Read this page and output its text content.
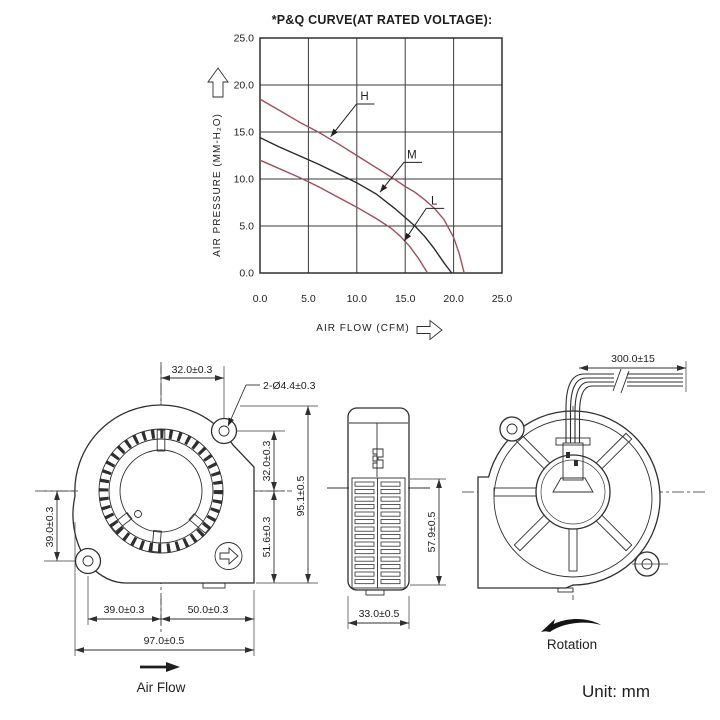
*P&Q CURVE(AT RATED VOLTAGE):
AIR PRESSURE (MM-H₂O)
AIR FLOW (CFM)
0.0	5.0	10.0	15.0	20.0	25.0
0.0
5.0
10.0
15.0
20.0
25.0
H
M
L
32.0±0.3
2-Ø4.4±0.3
32.0±0.3
51.6±0.3
95.1±0.5
39.0±0.3
39.0±0.3	50.0±0.3
97.0±0.5
Air Flow
57.9±0.5
33.0±0.5
300.0±15
Rotation
Unit: mm
